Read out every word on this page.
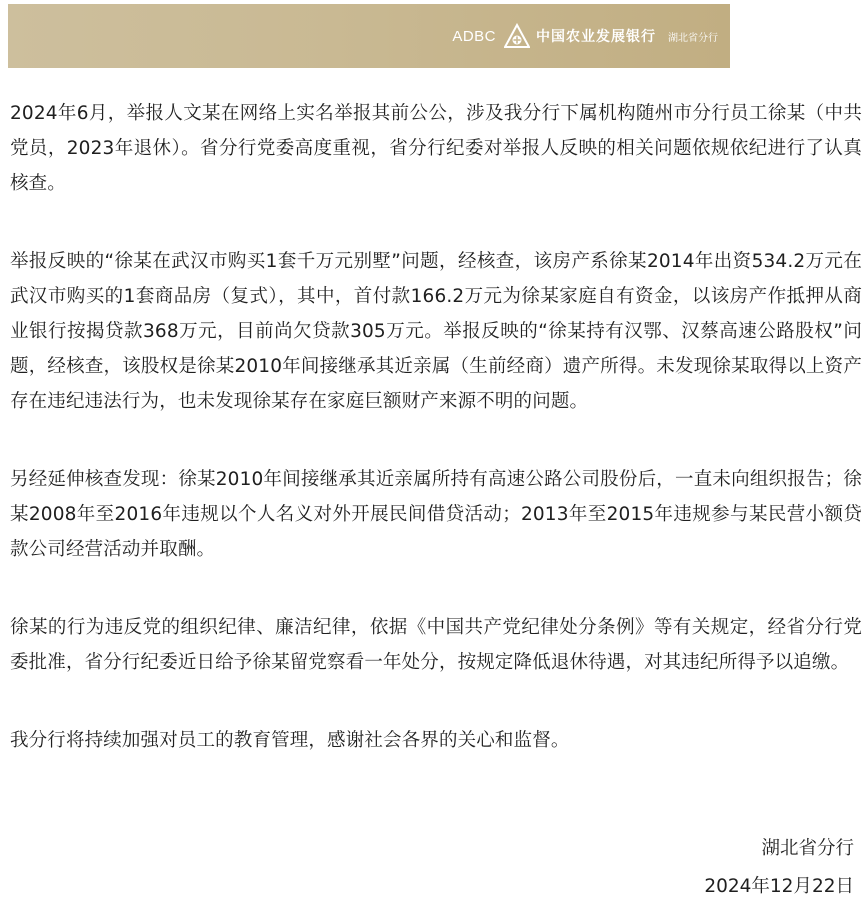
ADBC	中国农业发展银行 湖北省分行

2024年6月，举报人文某在网络上实名举报其前公公，涉及我分行下属机构随州市分行员工徐某（中共党员，2023年退休）。省分行党委高度重视，省分行纪委对举报人反映的相关问题依规依纪进行了认真核查。

举报反映的“徐某在武汉市购买1套千万元别墅”问题，经核查，该房产系徐某2014年出资534.2万元在武汉市购买的1套商品房（复式），其中，首付款166.2万元为徐某家庭自有资金，以该房产作抵押从商业银行按揭贷款368万元，目前尚欠贷款305万元。举报反映的“徐某持有汉鄂、汉蔡高速公路股权”问题，经核查，该股权是徐某2010年间接继承其近亲属（生前经商）遗产所得。未发现徐某取得以上资产存在违纪违法行为，也未发现徐某存在家庭巨额财产来源不明的问题。

另经延伸核查发现：徐某2010年间接继承其近亲属所持有高速公路公司股份后，一直未向组织报告；徐某2008年至2016年违规以个人名义对外开展民间借贷活动；2013年至2015年违规参与某民营小额贷款公司经营活动并取酬。

徐某的行为违反党的组织纪律、廉洁纪律，依据《中国共产党纪律处分条例》等有关规定，经省分行党委批准，省分行纪委近日给予徐某留党察看一年处分，按规定降低退休待遇，对其违纪所得予以追缴。

我分行将持续加强对员工的教育管理，感谢社会各界的关心和监督。

湖北省分行
2024年12月22日
